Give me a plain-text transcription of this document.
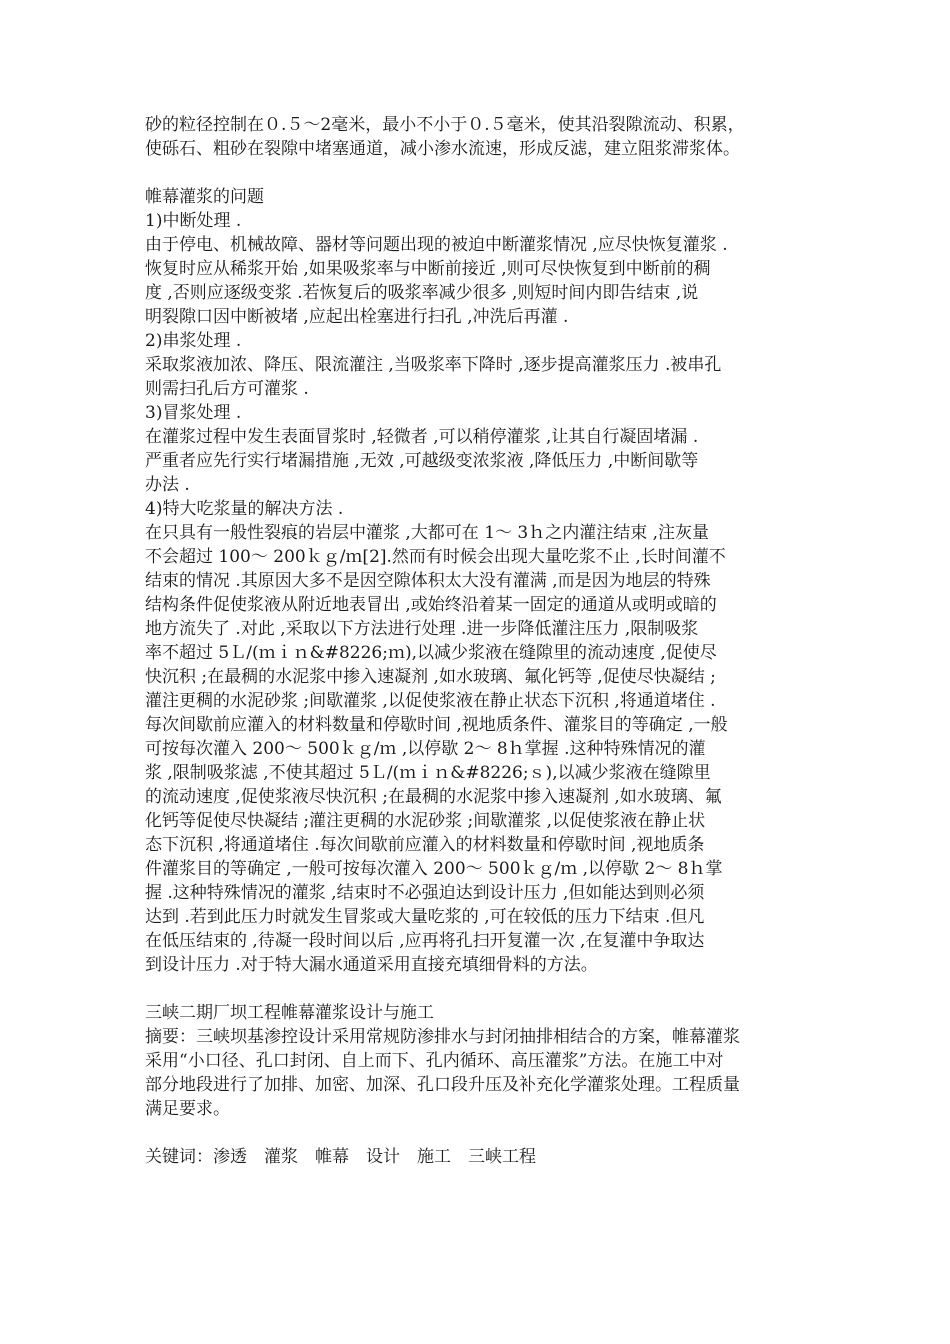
砂的粒径控制在０.５～2毫米，最小不小于０.５毫米，使其沿裂隙流动、积累，
使砾石、粗砂在裂隙中堵塞通道，减小渗水流速，形成反滤，建立阻浆滞浆体。
帷幕灌浆的问题
1)中断处理 .
由于停电、机械故障、器材等问题出现的被迫中断灌浆情况 ,应尽快恢复灌浆 .
恢复时应从稀浆开始 ,如果吸浆率与中断前接近 ,则可尽快恢复到中断前的稠
度 ,否则应逐级变浆 .若恢复后的吸浆率减少很多 ,则短时间内即告结束 ,说
明裂隙口因中断被堵 ,应起出栓塞进行扫孔 ,冲洗后再灌 .
2)串浆处理 .
采取浆液加浓、降压、限流灌注 ,当吸浆率下降时 ,逐步提高灌浆压力 .被串孔
则需扫孔后方可灌浆 .
3)冒浆处理 .
在灌浆过程中发生表面冒浆时 ,轻微者 ,可以稍停灌浆 ,让其自行凝固堵漏 .
严重者应先行实行堵漏措施 ,无效 ,可越级变浓浆液 ,降低压力 ,中断间歇等
办法 .
4)特大吃浆量的解决方法 .
在只具有一般性裂痕的岩层中灌浆 ,大都可在 1～ 3ｈ之内灌注结束 ,注灰量
不会超过 100～ 200ｋｇ/ｍ[2].然而有时候会出现大量吃浆不止 ,长时间灌不
结束的情况 .其原因大多不是因空隙体积太大没有灌满 ,而是因为地层的特殊
结构条件促使浆液从附近地表冒出 ,或始终沿着某一固定的通道从或明或暗的
地方流失了 .对此 ,采取以下方法进行处理 .进一步降低灌注压力 ,限制吸浆
率不超过 5Ｌ/(ｍｉｎ&#8226;ｍ),以减少浆液在缝隙里的流动速度 ,促使尽
快沉积 ;在最稠的水泥浆中掺入速凝剂 ,如水玻璃、氟化钙等 ,促使尽快凝结 ;
灌注更稠的水泥砂浆 ;间歇灌浆 ,以促使浆液在静止状态下沉积 ,将通道堵住 .
每次间歇前应灌入的材料数量和停歇时间 ,视地质条件、灌浆目的等确定 ,一般
可按每次灌入 200～ 500ｋｇ/ｍ ,以停歇 2～ 8ｈ掌握 .这种特殊情况的灌
浆 ,限制吸浆滤 ,不使其超过 5Ｌ/(ｍｉｎ&#8226;ｓ),以减少浆液在缝隙里
的流动速度 ,促使浆液尽快沉积 ;在最稠的水泥浆中掺入速凝剂 ,如水玻璃、氟
化钙等促使尽快凝结 ;灌注更稠的水泥砂浆 ;间歇灌浆 ,以促使浆液在静止状
态下沉积 ,将通道堵住 .每次间歇前应灌入的材料数量和停歇时间 ,视地质条
件灌浆目的等确定 ,一般可按每次灌入 200～ 500ｋｇ/ｍ ,以停歇 2～ 8ｈ掌
握 .这种特殊情况的灌浆 ,结束时不必强迫达到设计压力 ,但如能达到则必须
达到 .若到此压力时就发生冒浆或大量吃浆的 ,可在较低的压力下结束 .但凡
在低压结束的 ,待凝一段时间以后 ,应再将孔扫开复灌一次 ,在复灌中争取达
到设计压力 .对于特大漏水通道采用直接充填细骨料的方法。
三峡二期厂坝工程帷幕灌浆设计与施工
摘要：三峡坝基渗控设计采用常规防渗排水与封闭抽排相结合的方案，帷幕灌浆
采用“小口径、孔口封闭、自上而下、孔内循环、高压灌浆”方法。在施工中对
部分地段进行了加排、加密、加深、孔口段升压及补充化学灌浆处理。工程质量
满足要求。
关键词：渗透　灌浆　帷幕　设计　施工　三峡工程
